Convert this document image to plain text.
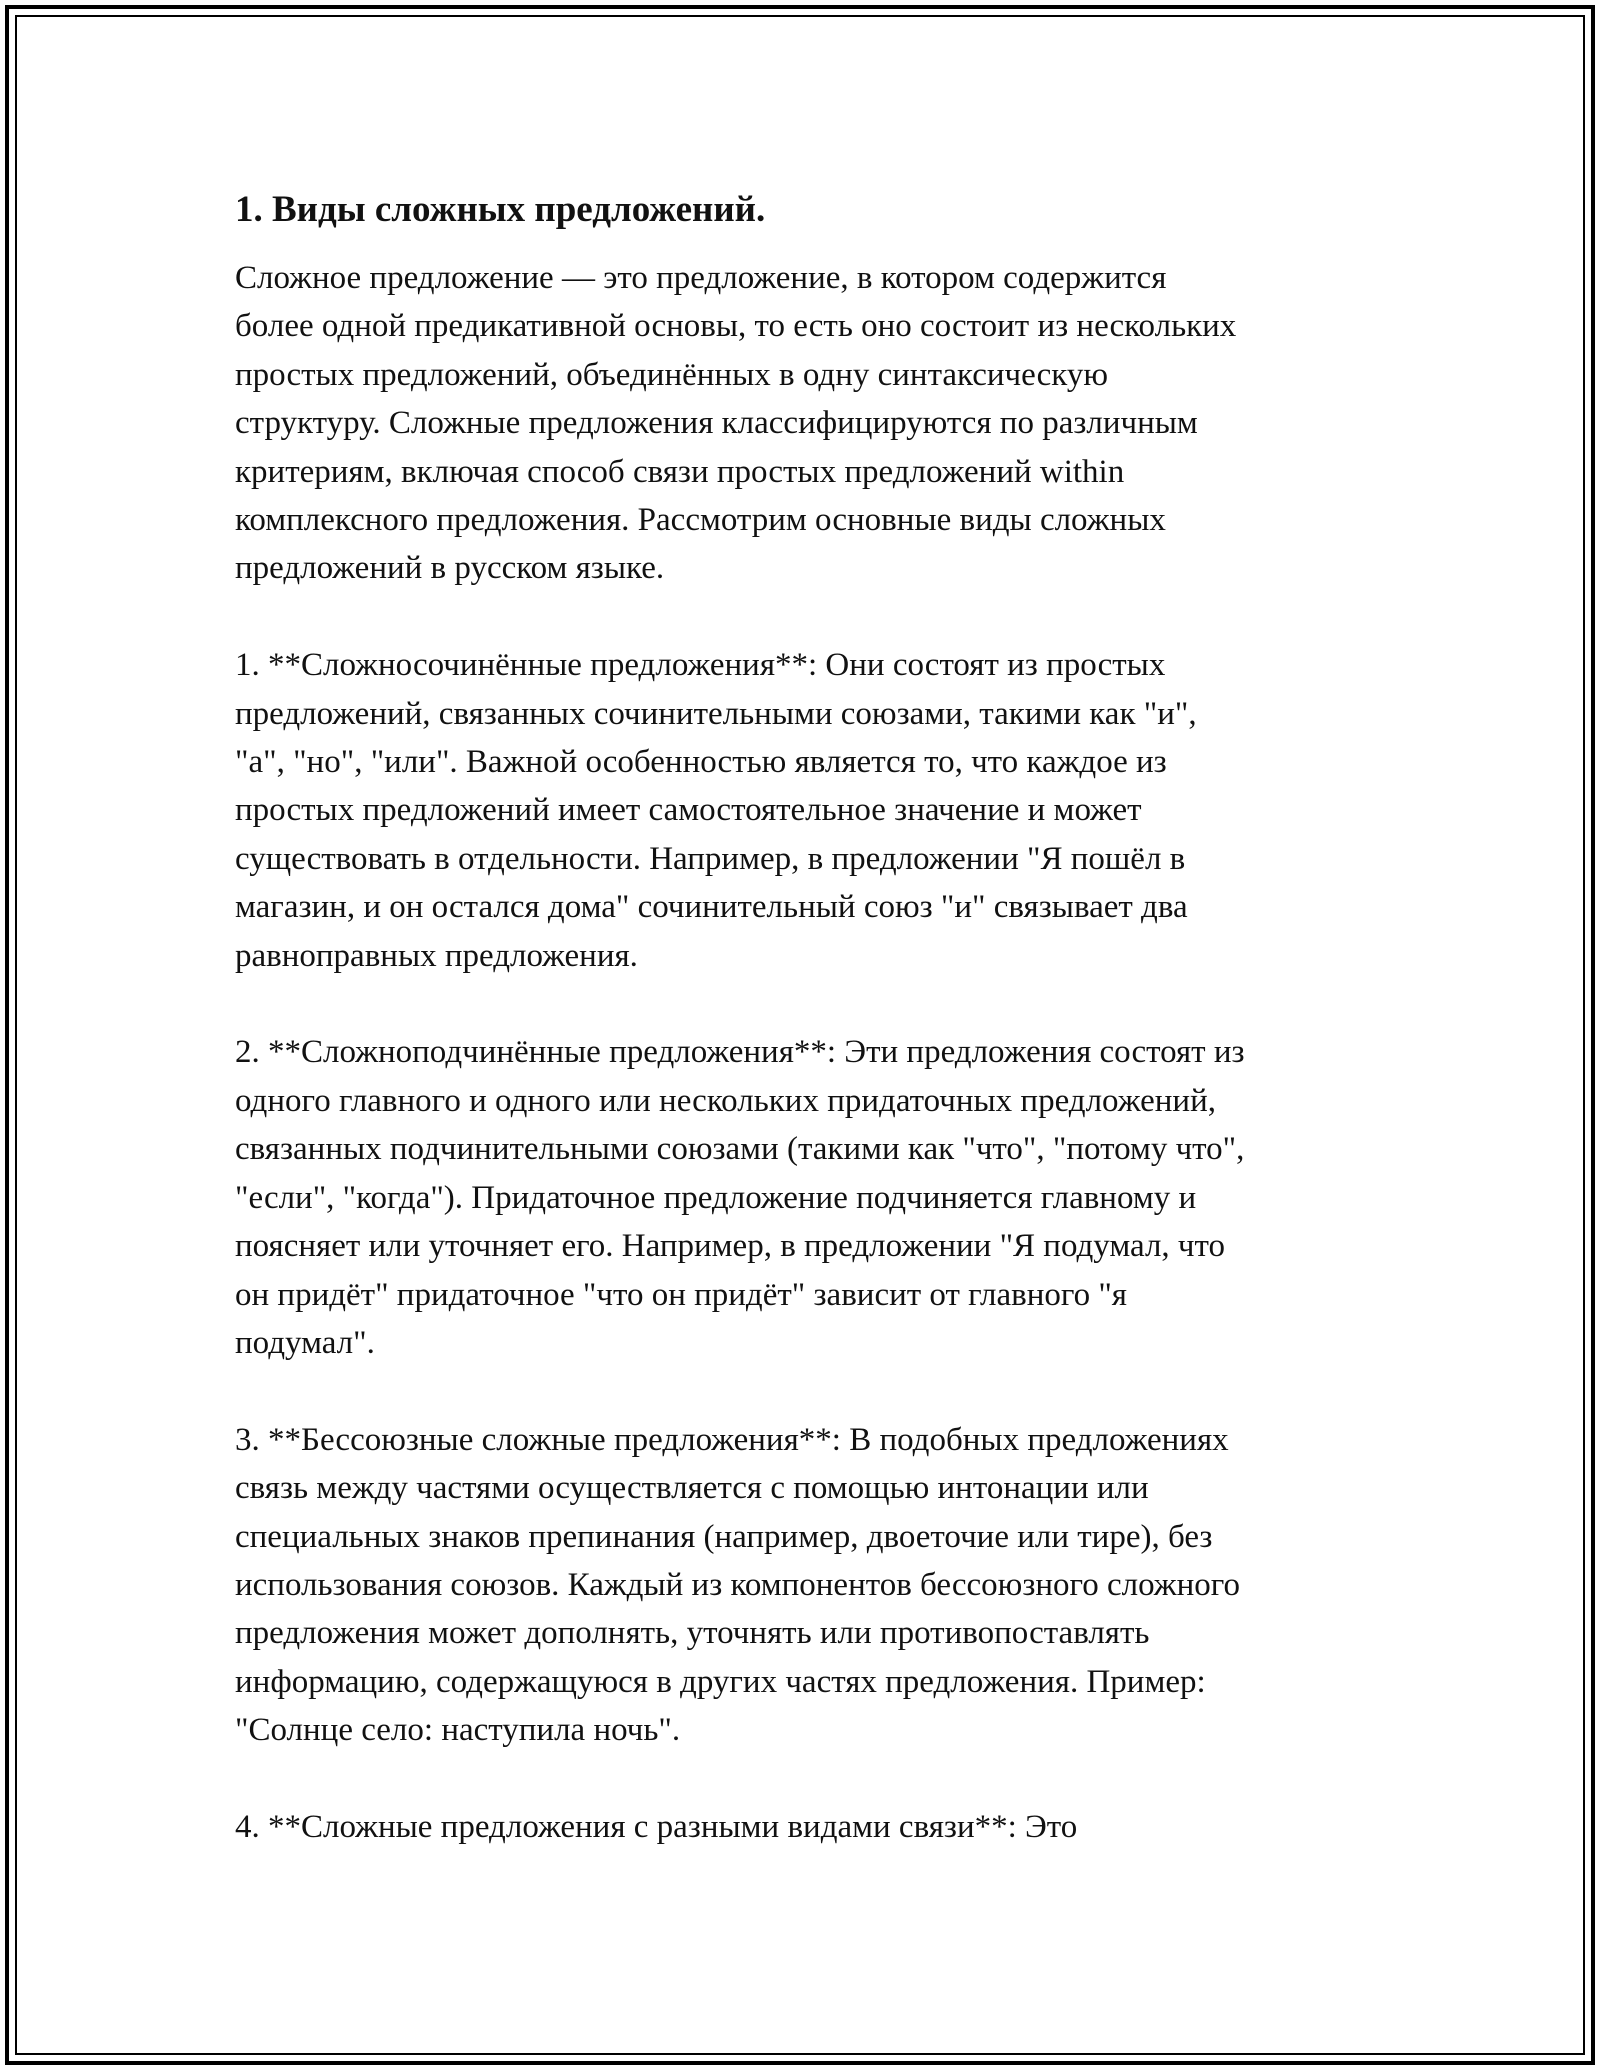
1. Виды сложных предложений.

Сложное предложение — это предложение, в котором содержится
более одной предикативной основы, то есть оно состоит из нескольких
простых предложений, объединённых в одну синтаксическую
структуру. Сложные предложения классифицируются по различным
критериям, включая способ связи простых предложений within
комплексного предложения. Рассмотрим основные виды сложных
предложений в русском языке.

1. **Сложносочинённые предложения**: Они состоят из простых
предложений, связанных сочинительными союзами, такими как "и",
"а", "но", "или". Важной особенностью является то, что каждое из
простых предложений имеет самостоятельное значение и может
существовать в отдельности. Например, в предложении "Я пошёл в
магазин, и он остался дома" сочинительный союз "и" связывает два
равноправных предложения.

2. **Сложноподчинённые предложения**: Эти предложения состоят из
одного главного и одного или нескольких придаточных предложений,
связанных подчинительными союзами (такими как "что", "потому что",
"если", "когда"). Придаточное предложение подчиняется главному и
поясняет или уточняет его. Например, в предложении "Я подумал, что
он придёт" придаточное "что он придёт" зависит от главного "я
подумал".

3. **Бессоюзные сложные предложения**: В подобных предложениях
связь между частями осуществляется с помощью интонации или
специальных знаков препинания (например, двоеточие или тире), без
использования союзов. Каждый из компонентов бессоюзного сложного
предложения может дополнять, уточнять или противопоставлять
информацию, содержащуюся в других частях предложения. Пример:
"Солнце село: наступила ночь".

4. **Сложные предложения с разными видами связи**: Это
